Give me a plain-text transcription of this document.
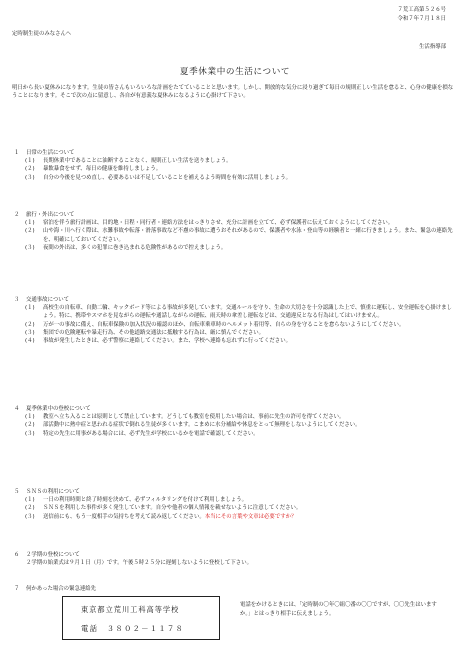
７荒工高第５２６号
令和７年７月１８日
定時制生徒のみなさんへ
生活指導部
夏季休業中の生活について
明日から長い夏休みになります。生徒の皆さんもいろいろな計画をたてていることと思います。しかし、開放的な気分に浸り過ぎて毎日の規則正しい生活を怠ると、心身の健康を損なうことになります。そこで次の点に留意し、各自が有意義な夏休みになるように心掛けて下さい。
１	日常の生活について
(１)	長期休業中であることに油断することなく、規則正しい生活を送りましょう。
(２)	暴飲暴食をせず、毎日の健康を維持しましょう。
(３)	自分の今後を見つめ直し、必要あるいは不足していることを補えるよう時間を有効に活用しましょう。
２	旅行・外出について
(１)	宿泊を伴う旅行計画は、目的地・日程・同行者・連絡方法をはっきりさせ、充分に計画を立てて、必ず保護者に伝えておくようにしてください。
(２)	山や海・川へ行く際は、水難事故や転落・滑落事故など不慮の事故に遭うおそれがあるので、保護者や水泳・登山等の経験者と一緒に行きましょう。また、緊急の連絡先を、明確にしておいてください。
(３)	夜間の外出は、多くの犯罪に巻き込まれる危険性があるので控えましょう。
３	交通事故について
(１)	高校生の自転車、自動二輪、キックボード等による事故が多発しています。交通ルールを守り、生命の大切さを十分認識した上で、慎重に運転し、安全運転を心掛けましょう。特に、携帯やスマホを見ながらの運転や通話しながらの運転、雨天時の傘差し運転などは、交通違反となる行為はしてはいけません。
(２)	万が一の事故に備え、自転車保険の加入状況の確認のほか、自転車乗車時のヘルメット着用等、自らの身を守ることを怠らないようにしてください。
(３)	集団での危険運転や暴走行為、その他道路交通法に抵触する行為は、厳に慎んでください。
(４)	事故が発生したときは、必ず警察に連絡してください。また、学校へ連絡も忘れずに行ってください。
４	夏季休業中の登校について
(１)	教室へ立ち入ることは原則として禁止しています。どうしても教室を使用したい場合は、事前に先生の許可を得てください。
(２)	部活動中に熱中症と思われる症状で倒れる生徒が多くいます。こまめに水分補給や休息をとって無理をしないようにしてください。
(３)	特定の先生に用事がある場合には、必ず先生が学校にいるかを電話で確認してください。
５	ＳＮＳの利用について
(１)	一日の利用時間と終了時刻を決めて、必ずフィルタリングを付けて利用しましょう。
(２)	ＳＮＳを利用した事件が多く発生しています。自分や他者の個人情報を載せないように注意してください。
(３)	送信前にも、もう一度相手の気持ちを考えて読み返してください。本当にその言葉や文章は必要ですか？
６	２学期の登校について
２学期の始業式は９月１日（月）です。午後５時２５分に遅刻しないように登校して下さい。
７	何かあった場合の緊急連絡先
東京都立荒川工科高等学校
電話　３８０２－１１７８
電話をかけるときには、「定時制の〇年〇組〇番の〇〇ですが、〇〇先生はいますか。」とはっきり相手に伝えましょう。
